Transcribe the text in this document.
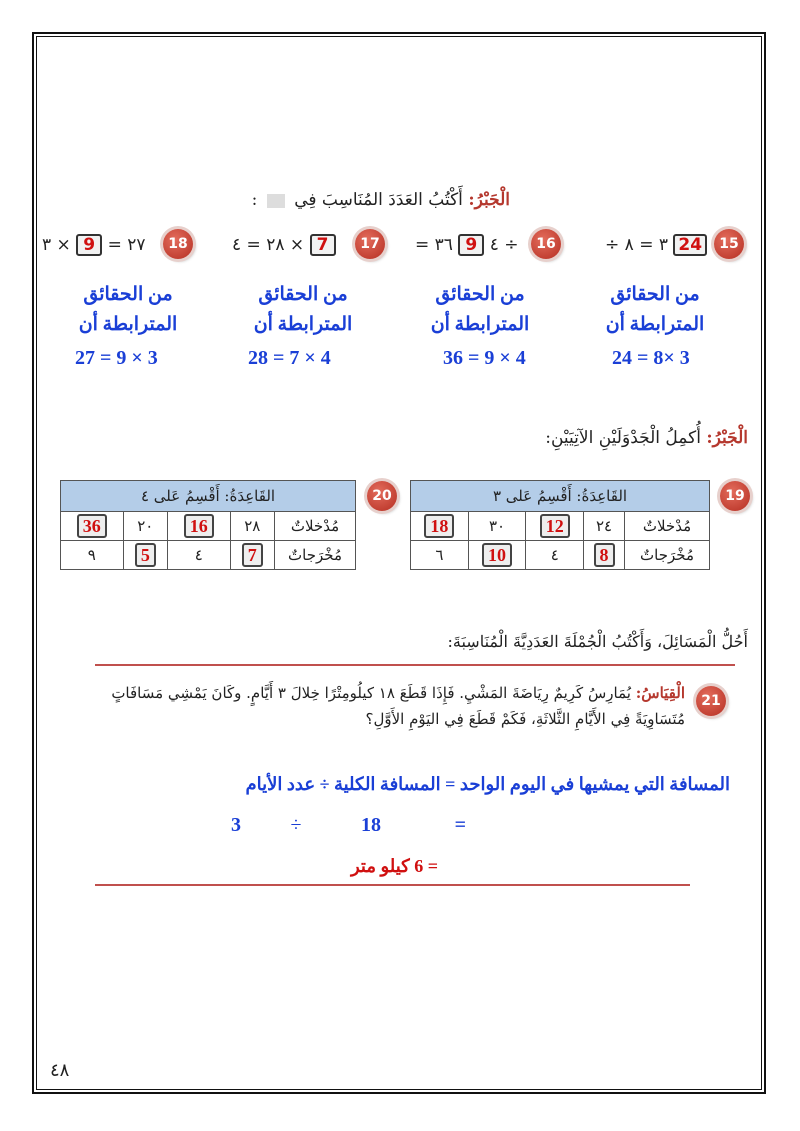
الْجَبْرُ: أَكْتُبُ العَدَدَ المُنَاسِبَ فِي  :
15
÷ ٣ = ٨ 24
16
= ٤ 9 ٣٦ ÷
17
٢٨ = ٤ × 7
18
٢٧ = 9 × ٣
من الحقائق
المترابطة أن
24 = 8× 3
من الحقائق
المترابطة أن
36 = 9 × 4
من الحقائق
المترابطة أن
28 = 7 × 4
من الحقائق
المترابطة أن
27 = 9 × 3
الْجَبْرُ: أُكمِلُ الْجَدْوَلَيْنِ الآتِيَيْنِ:
19
القَاعِدَةُ: أَقْسِمُ عَلى ٣				
مُدْخلاتٌ	٢٤	12	٣٠	18
مُخْرَجاتٌ	8	٤	10	٦
20
القَاعِدَةُ: أَقْسِمُ عَلى ٤				
مُدْخلاتٌ	٢٨	16	٢٠	36
مُخْرَجاتٌ	7	٤	5	٩
أَحُلُّ الْمَسَائِلَ، وَأَكْتُبُ الْجُمْلَةَ العَدَدِيَّةَ الْمُنَاسِبَةَ:
21
الْقِيَاسُ: يُمَارِسُ كَرِيمٌ رِيَاضَةَ المَشْيِ. فَإِذَا قَطَعَ ١٨ كيلُومِتْرًا خِلالَ ٣ أَيَّامٍ. وكَانَ يَمْشِي مَسَافَاتٍ
مُتَسَاوِيَةً فِي الأَيَّامِ الثَّلاثَةِ، فَكَمْ قَطَعَ فِي اليَوْمِ الأَوَّلِ؟
المسافة التي يمشيها في اليوم الواحد = المسافة الكلية ÷ عدد الأيام
3 ÷	18	=
= 6 كيلو متر
٤٨
